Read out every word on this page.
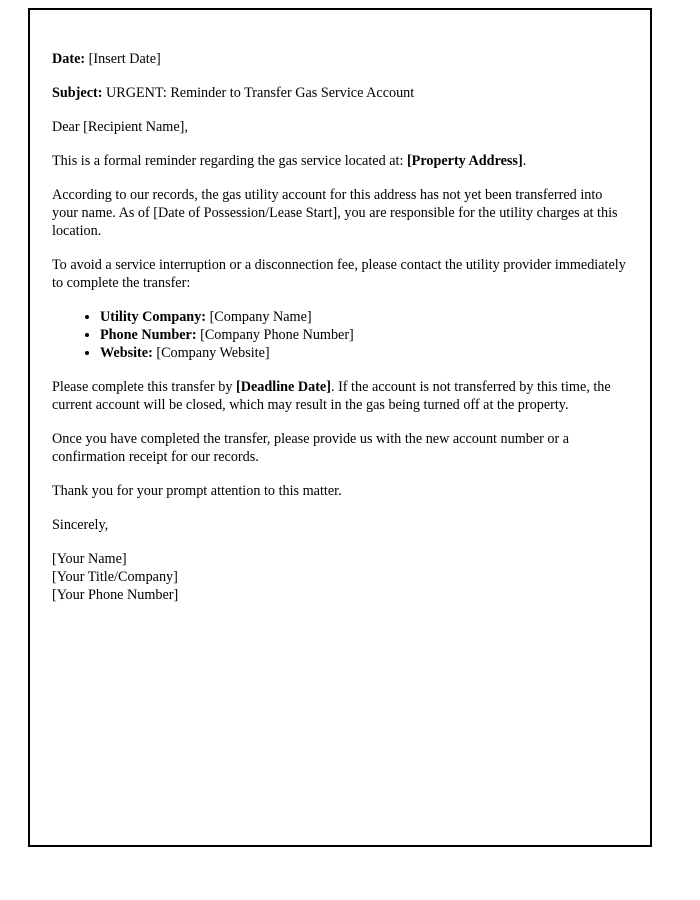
Date: [Insert Date]

Subject: URGENT: Reminder to Transfer Gas Service Account

Dear [Recipient Name],

This is a formal reminder regarding the gas service located at: [Property Address].

According to our records, the gas utility account for this address has not yet been transferred into your name. As of [Date of Possession/Lease Start], you are responsible for the utility charges at this location.

To avoid a service interruption or a disconnection fee, please contact the utility provider immediately to complete the transfer:

• Utility Company: [Company Name]
• Phone Number: [Company Phone Number]
• Website: [Company Website]

Please complete this transfer by [Deadline Date]. If the account is not transferred by this time, the current account will be closed, which may result in the gas being turned off at the property.

Once you have completed the transfer, please provide us with the new account number or a confirmation receipt for our records.

Thank you for your prompt attention to this matter.

Sincerely,

[Your Name]
[Your Title/Company]
[Your Phone Number]
